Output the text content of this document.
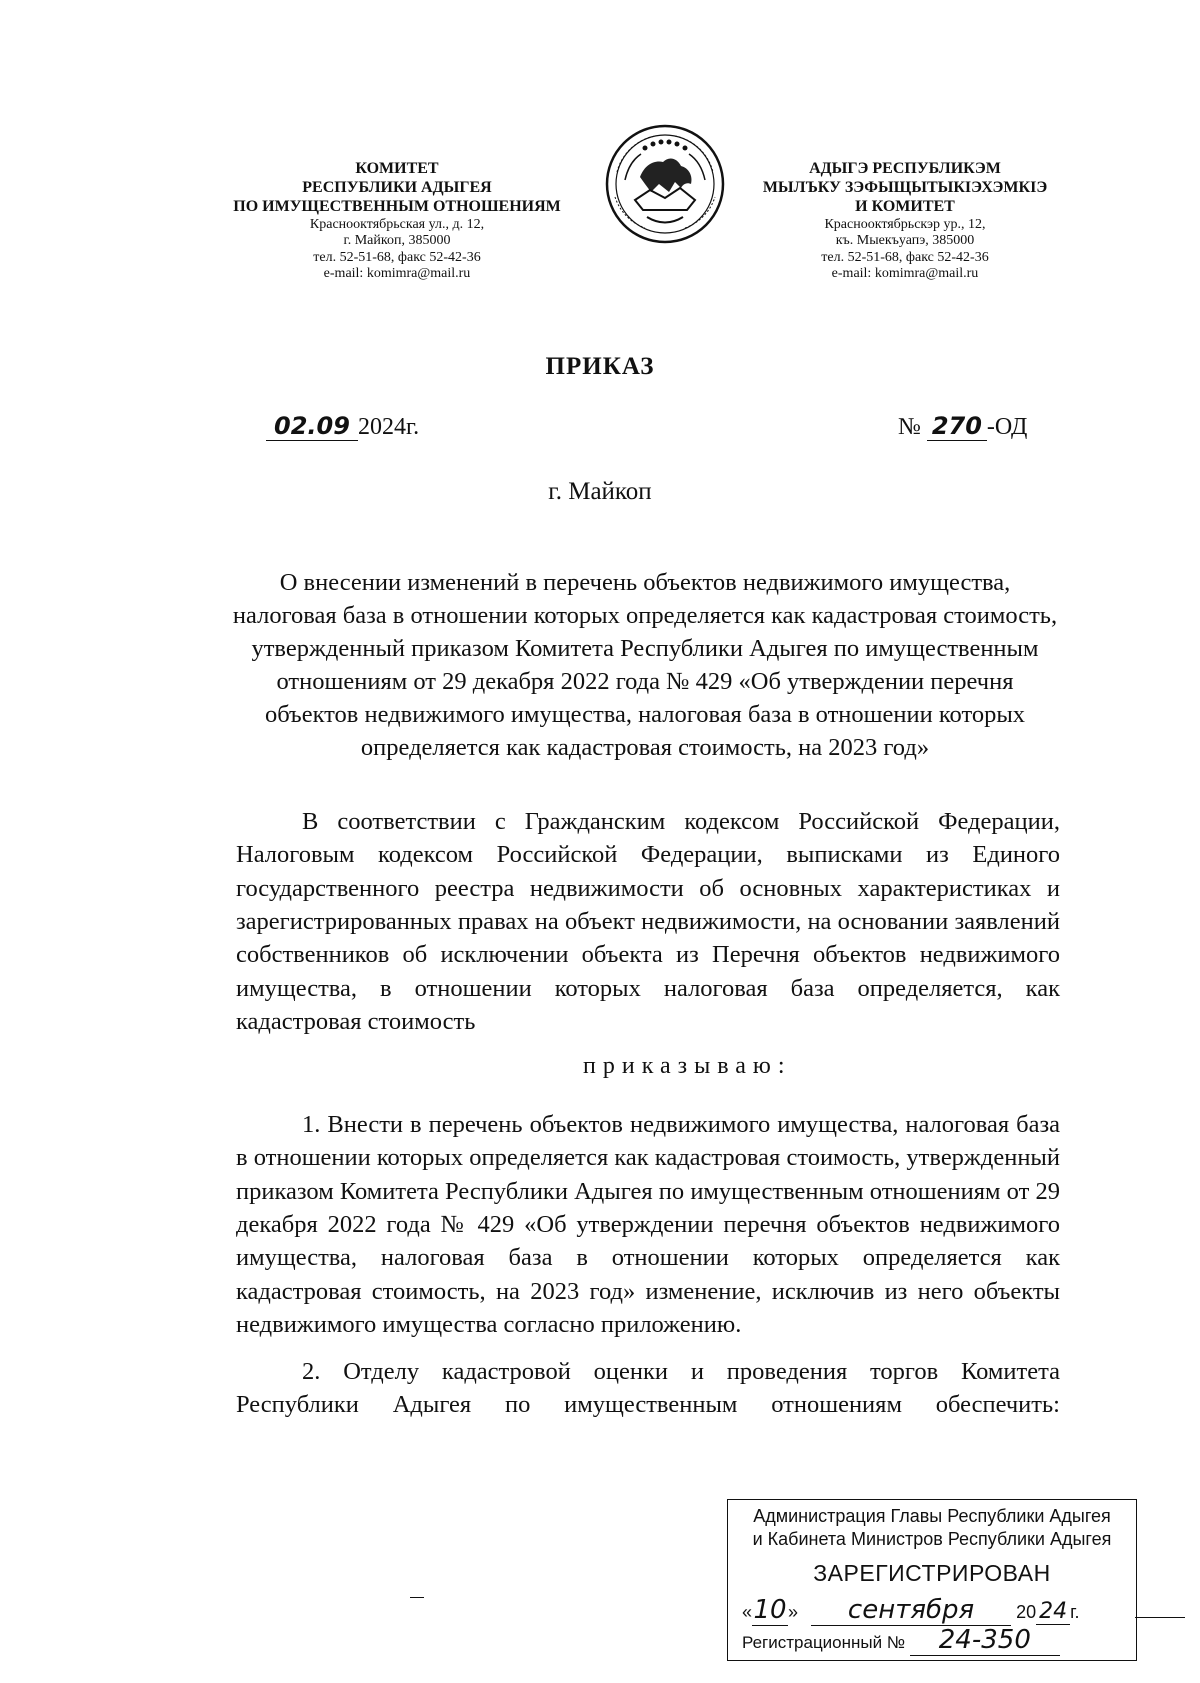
КОМИТЕТ
РЕСПУБЛИКИ АДЫГЕЯ
ПО ИМУЩЕСТВЕННЫМ ОТНОШЕНИЯМ
Краснооктябрьская ул., д. 12,
г. Майкоп, 385000
тел. 52-51-68, факс 52-42-36
e-mail: komimra@mail.ru
АДЫГЭ РЕСПУБЛИКЭМ
МЫЛЪКУ ЗЭФЫЩЫТЫКІЭХЭМКІЭ
И КОМИТЕТ
Краснооктябрьскэр ур., 12,
къ. Мыекъуапэ, 385000
тел. 52-51-68, факс 52-42-36
e-mail: komimra@mail.ru
ПРИКАЗ
02.09 2024г.	№ 270 -ОД
г. Майкоп
О внесении изменений в перечень объектов недвижимого имущества, налоговая база в отношении которых определяется как кадастровая стоимость, утвержденный приказом Комитета Республики Адыгея по имущественным отношениям от 29 декабря 2022 года № 429 «Об утверждении перечня объектов недвижимого имущества, налоговая база в отношении которых определяется как кадастровая стоимость, на 2023 год»
В соответствии с Гражданским кодексом Российской Федерации, Налоговым кодексом Российской Федерации, выписками из Единого государственного реестра недвижимости об основных характеристиках и зарегистрированных правах на объект недвижимости, на основании заявлений собственников об исключении объекта из Перечня объектов недвижимого имущества, в отношении которых налоговая база определяется, как кадастровая стоимость
приказываю:
1. Внести в перечень объектов недвижимого имущества, налоговая база в отношении которых определяется как кадастровая стоимость, утвержденный приказом Комитета Республики Адыгея по имущественным отношениям от 29 декабря 2022 года № 429 «Об утверждении перечня объектов недвижимого имущества, налоговая база в отношении которых определяется как кадастровая стоимость, на 2023 год» изменение, исключив из него объекты недвижимого имущества согласно приложению.
2. Отделу кадастровой оценки и проведения торгов Комитета Республики Адыгея по имущественным отношениям обеспечить:
Администрация Главы Республики Адыгея
и Кабинета Министров Республики Адыгея
ЗАРЕГИСТРИРОВАН
«10» сентября 20 24 г.
Регистрационный № 24-350
